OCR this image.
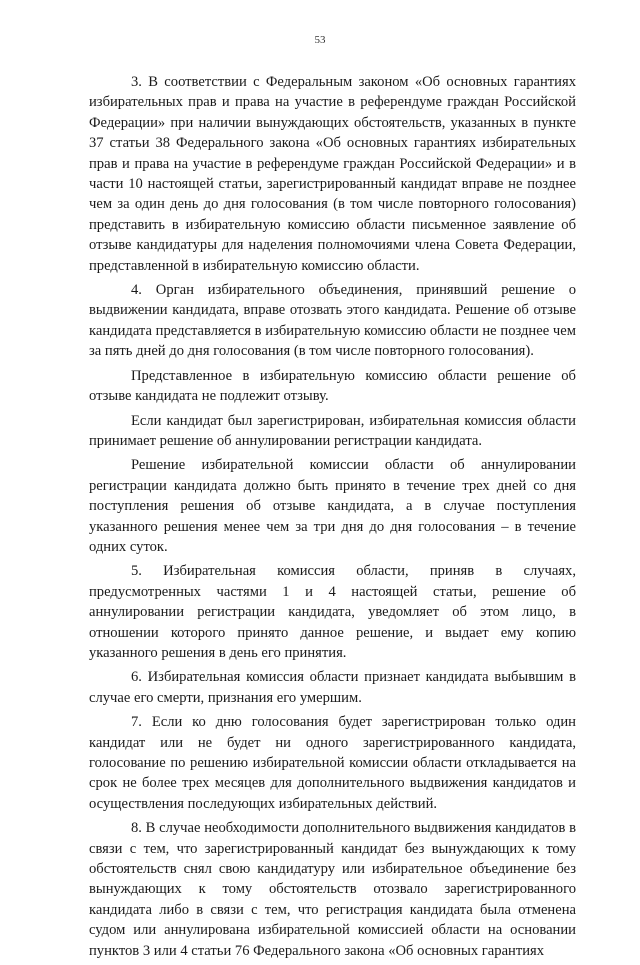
53

3. В соответствии с Федеральным законом «Об основных гарантиях избирательных прав и права на участие в референдуме граждан Российской Федерации» при наличии вынуждающих обстоятельств, указанных в пункте 37 статьи 38 Федерального закона «Об основных гарантиях избирательных прав и права на участие в референдуме граждан Российской Федерации» и в части 10 настоящей статьи, зарегистрированный кандидат вправе не позднее чем за один день до дня голосования (в том числе повторного голосования) представить в избирательную комиссию области письменное заявление об отзыве кандидатуры для наделения полномочиями члена Совета Федерации, представленной в избирательную комиссию области.

4. Орган избирательного объединения, принявший решение о выдвижении кандидата, вправе отозвать этого кандидата. Решение об отзыве кандидата представляется в избирательную комиссию области не позднее чем за пять дней до дня голосования (в том числе повторного голосования).

Представленное в избирательную комиссию области решение об отзыве кандидата не подлежит отзыву.

Если кандидат был зарегистрирован, избирательная комиссия области принимает решение об аннулировании регистрации кандидата.

Решение избирательной комиссии области об аннулировании регистрации кандидата должно быть принято в течение трех дней со дня поступления решения об отзыве кандидата, а в случае поступления указанного решения менее чем за три дня до дня голосования – в течение одних суток.

5. Избирательная комиссия области, приняв в случаях, предусмотренных частями 1 и 4 настоящей статьи, решение об аннулировании регистрации кандидата, уведомляет об этом лицо, в отношении которого принято данное решение, и выдает ему копию указанного решения в день его принятия.

6. Избирательная комиссия области признает кандидата выбывшим в случае его смерти, признания его умершим.

7. Если ко дню голосования будет зарегистрирован только один кандидат или не будет ни одного зарегистрированного кандидата, голосование по решению избирательной комиссии области откладывается на срок не более трех месяцев для дополнительного выдвижения кандидатов и осуществления последующих избирательных действий.

8. В случае необходимости дополнительного выдвижения кандидатов в связи с тем, что зарегистрированный кандидат без вынуждающих к тому обстоятельств снял свою кандидатуру или избирательное объединение без вынуждающих к тому обстоятельств отозвало зарегистрированного кандидата либо в связи с тем, что регистрация кандидата была отменена судом или аннулирована избирательной комиссией области на основании пунктов 3 или 4 статьи 76 Федерального закона «Об основных гарантиях
